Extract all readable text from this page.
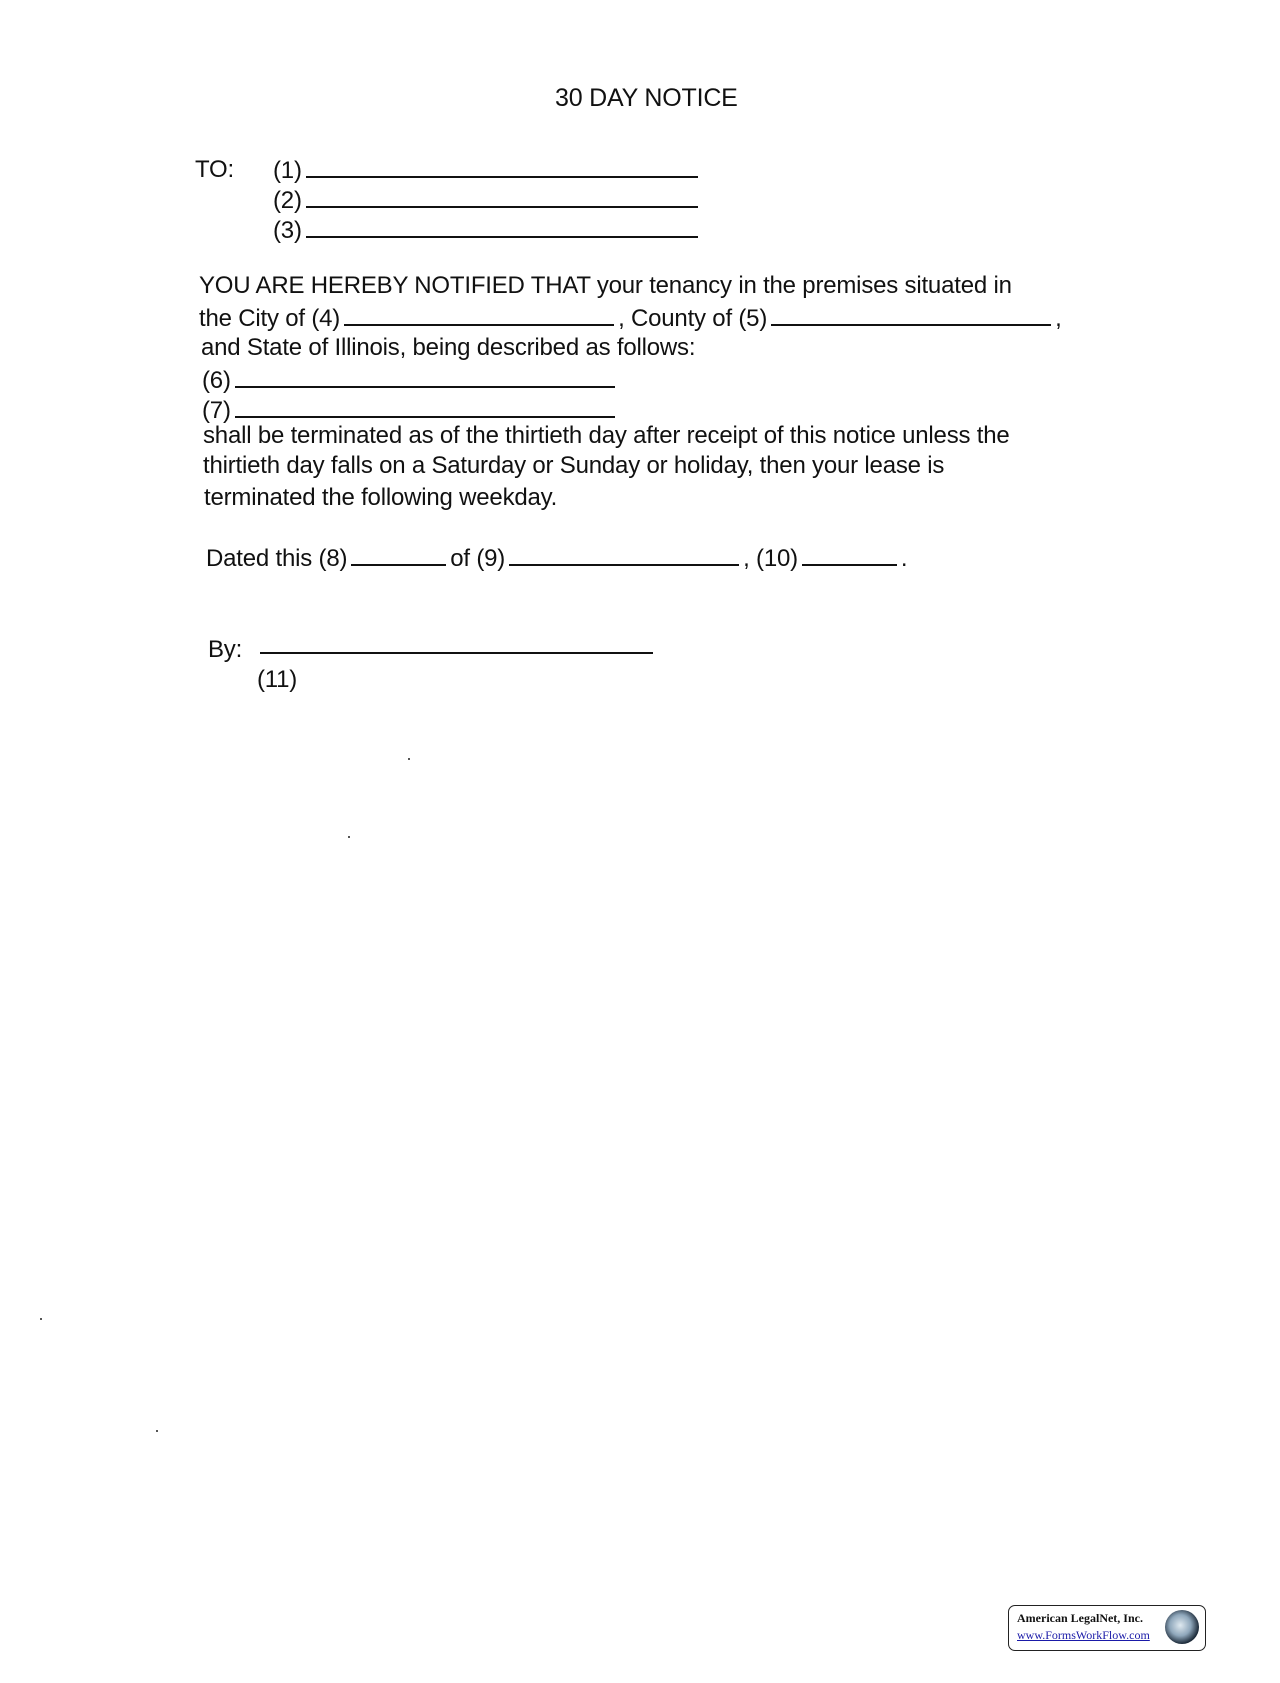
30 DAY NOTICE
TO: (1)
(2)
(3)
YOU ARE HEREBY NOTIFIED THAT your tenancy in the premises situated in
the City of (4)	, County of (5)	,
and State of Illinois, being described as follows:
(6)
(7)
shall be terminated as of the thirtieth day after receipt of this notice unless the
thirtieth day falls on a Saturday or Sunday or holiday, then your lease is
terminated the following weekday.
Dated this (8)	of (9)	, (10)	.
By:
(11)
American LegalNet, Inc.
www.FormsWorkFlow.com
